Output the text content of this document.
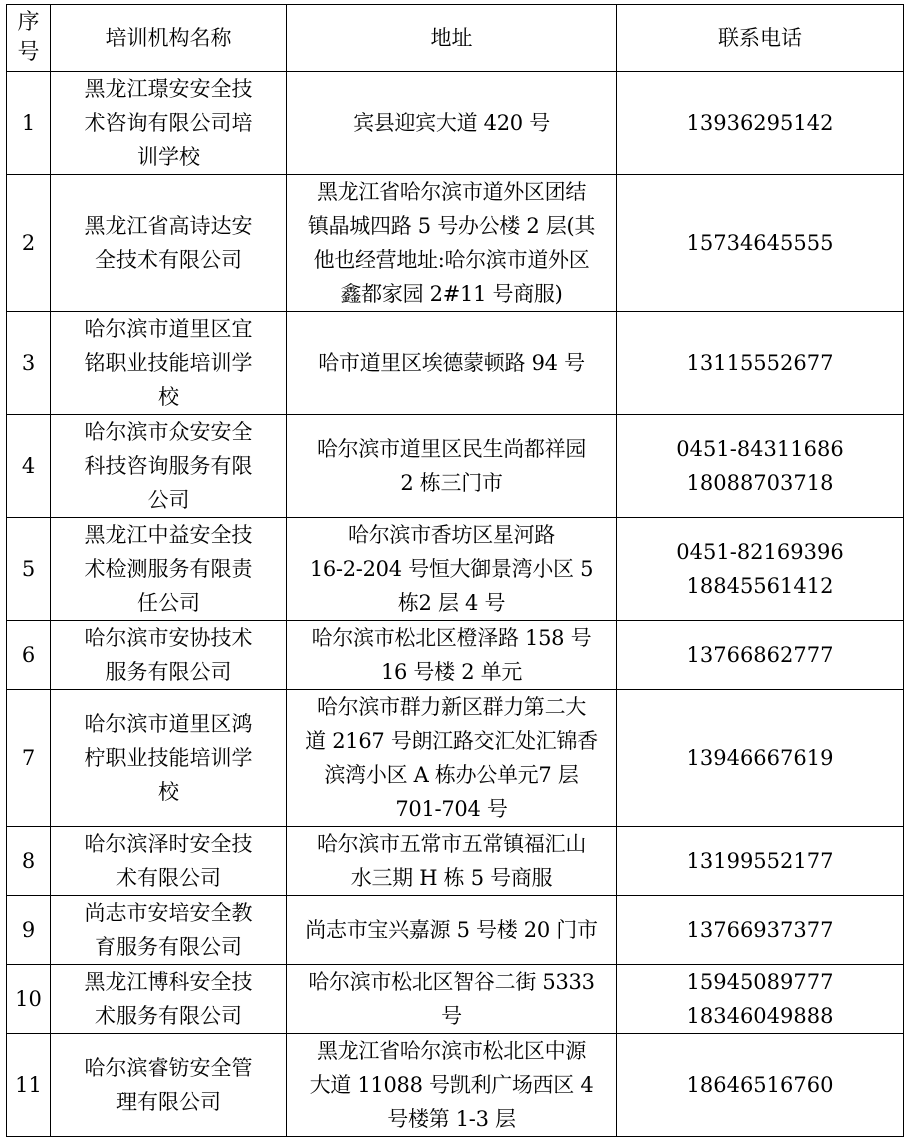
序
号	培训机构名称	地址	联系电话
1	黑龙江璟安安全技
术咨询有限公司培
训学校	宾县迎宾大道 420 号	13936295142

2	黑龙江省高诗达安
全技术有限公司	黑龙江省哈尔滨市道外区团结
镇晶城四路 5 号办公楼 2 层(其
他也经营地址:哈尔滨市道外区
鑫都家园 2#11 号商服)	15734645555

3	哈尔滨市道里区宜
铭职业技能培训学
校	哈市道里区埃德蒙顿路 94 号	13115552677

4	哈尔滨市众安安全
科技咨询服务有限
公司	哈尔滨市道里区民生尚都祥园
2 栋三门市	0451-84311686
18088703718

5	黑龙江中益安全技
术检测服务有限责
任公司	哈尔滨市香坊区星河路
16-2-204 号恒大御景湾小区 5
栋2 层 4 号	0451-82169396
18845561412

6	哈尔滨市安协技术
服务有限公司	哈尔滨市松北区橙泽路 158 号
16 号楼 2 单元	13766862777

7	哈尔滨市道里区鸿
柠职业技能培训学
校	哈尔滨市群力新区群力第二大
道 2167 号朗江路交汇处汇锦香
滨湾小区 A 栋办公单元7 层
701-704 号	13946667619

8	哈尔滨泽时安全技
术有限公司	哈尔滨市五常市五常镇福汇山
水三期 H 栋 5 号商服	13199552177

9	尚志市安培安全教
育服务有限公司	尚志市宝兴嘉源 5 号楼 20 门市	13766937377

10	黑龙江博科安全技
术服务有限公司	哈尔滨市松北区智谷二街 5333
号	15945089777
18346049888

11	哈尔滨睿钫安全管
理有限公司	黑龙江省哈尔滨市松北区中源
大道 11088 号凯利广场西区 4
号楼第 1-3 层	18646516760
